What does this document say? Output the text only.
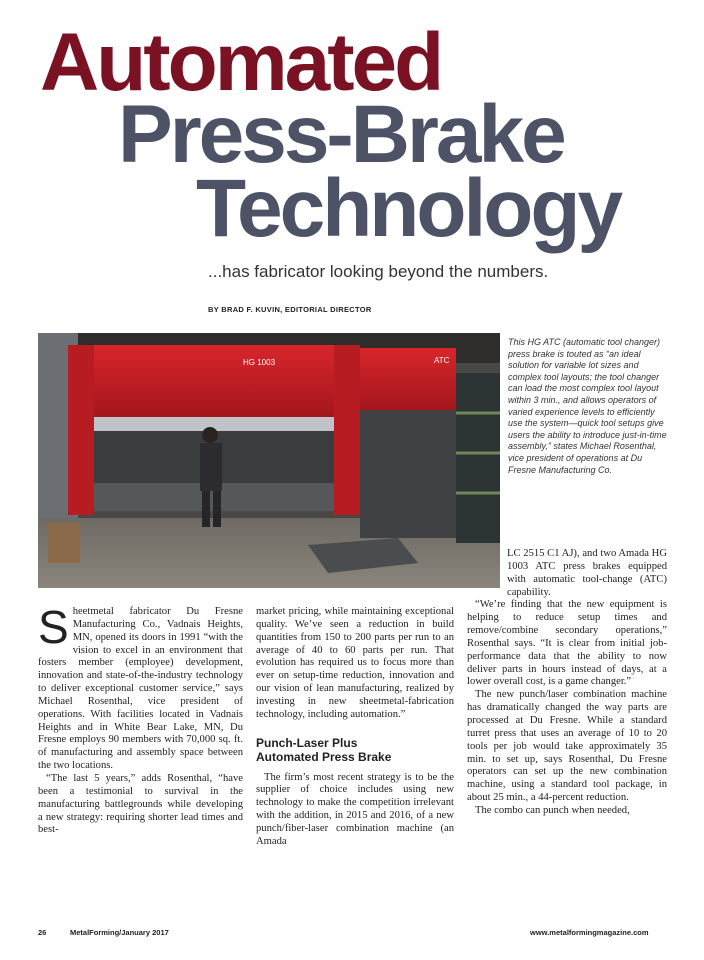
Automated
Press-Brake
Technology
...has fabricator looking beyond the numbers.
BY BRAD F. KUVIN, EDITORIAL DIRECTOR
HG 1003	ATC
This HG ATC (automatic tool changer) press brake is touted as “an ideal solution for variable lot sizes and complex tool layouts; the tool changer can load the most complex tool layout within 3 min., and allows operators of varied experience levels to efficiently use the system—quick tool setups give users the ability to introduce just-in-time assembly,” states Michael Rosenthal, vice president of operations at Du Fresne Manufacturing Co.

Sheetmetal fabricator Du Fresne Manufacturing Co., Vadnais Heights, MN, opened its doors in 1991 “with the vision to excel in an environment that fosters member (employee) development, innovation and state-of-the-industry technology to deliver exceptional customer service,” says Michael Rosenthal, vice president of operations. With facilities located in Vadnais Heights and in White Bear Lake, MN, Du Fresne employs 90 members with 70,000 sq. ft. of manufacturing and assembly space between the two locations.

“The last 5 years,” adds Rosenthal, “have been a testimonial to survival in the manufacturing battlegrounds while developing a new strategy: requiring shorter lead times and best-

market pricing, while maintaining exceptional quality. We’ve seen a reduction in build quantities from 150 to 200 parts per run to an average of 40 to 60 parts per run. That evolution has required us to focus more than ever on setup-time reduction, innovation and our vision of lean manufacturing, realized by investing in new sheetmetal-fabrication technology, including automation.”

Punch-Laser Plus
Automated Press Brake

The firm’s most recent strategy is to be the supplier of choice includes using new technology to make the competition irrelevant with the addition, in 2015 and 2016, of a new punch/fiber-laser combination machine (an Amada

LC 2515 C1 AJ), and two Amada HG 1003 ATC press brakes equipped with automatic tool-change (ATC) capability.

“We’re finding that the new equipment is helping to reduce setup times and remove/combine secondary operations,” Rosenthal says. “It is clear from initial job-performance data that the ability to now deliver parts in hours instead of days, at a lower overall cost, is a game changer.”

The new punch/laser combination machine has dramatically changed the way parts are processed at Du Fresne. While a standard turret press that uses an average of 10 to 20 tools per job would take approximately 35 min. to set up, says Rosenthal, Du Fresne operators can set up the new combination machine, using a standard tool package, in about 25 min., a 44-percent reduction.

The combo can punch when needed,

26	MetalForming/January 2017	www.metalformingmagazine.com
